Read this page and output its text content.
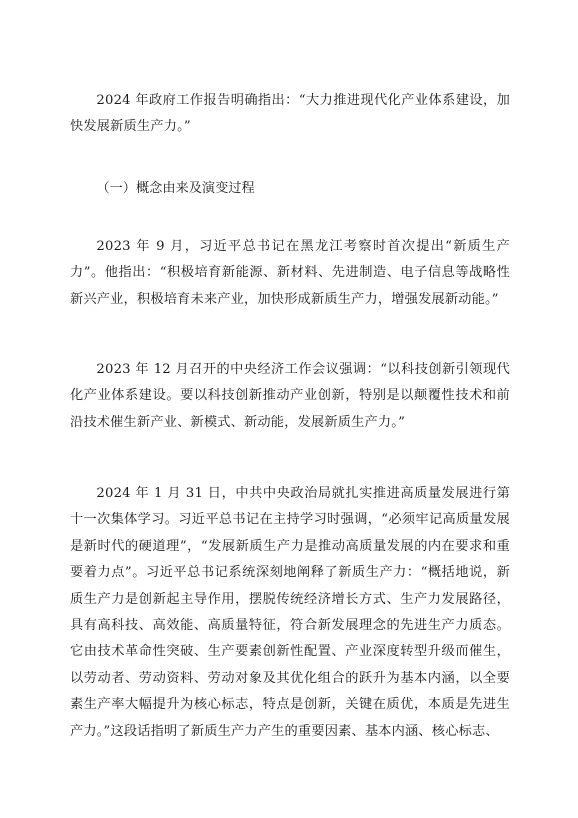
2024 年政府工作报告明确指出：“大力推进现代化产业体系建设，加快发展新质生产力。”

（一）概念由来及演变过程

2023 年 9 月，习近平总书记在黑龙江考察时首次提出“新质生产力”。他指出：“积极培育新能源、新材料、先进制造、电子信息等战略性新兴产业，积极培育未来产业，加快形成新质生产力，增强发展新动能。”

2023 年 12 月召开的中央经济工作会议强调：“以科技创新引领现代化产业体系建设。要以科技创新推动产业创新，特别是以颠覆性技术和前沿技术催生新产业、新模式、新动能，发展新质生产力。”

2024 年 1 月 31 日，中共中央政治局就扎实推进高质量发展进行第十一次集体学习。习近平总书记在主持学习时强调，“必须牢记高质量发展是新时代的硬道理”，“发展新质生产力是推动高质量发展的内在要求和重要着力点”。习近平总书记系统深刻地阐释了新质生产力：“概括地说，新质生产力是创新起主导作用，摆脱传统经济增长方式、生产力发展路径，具有高科技、高效能、高质量特征，符合新发展理念的先进生产力质态。它由技术革命性突破、生产要素创新性配置、产业深度转型升级而催生，以劳动者、劳动资料、劳动对象及其优化组合的跃升为基本内涵，以全要素生产率大幅提升为核心标志，特点是创新，关键在质优，本质是先进生产力。”这段话指明了新质生产力产生的重要因素、基本内涵、核心标志、
